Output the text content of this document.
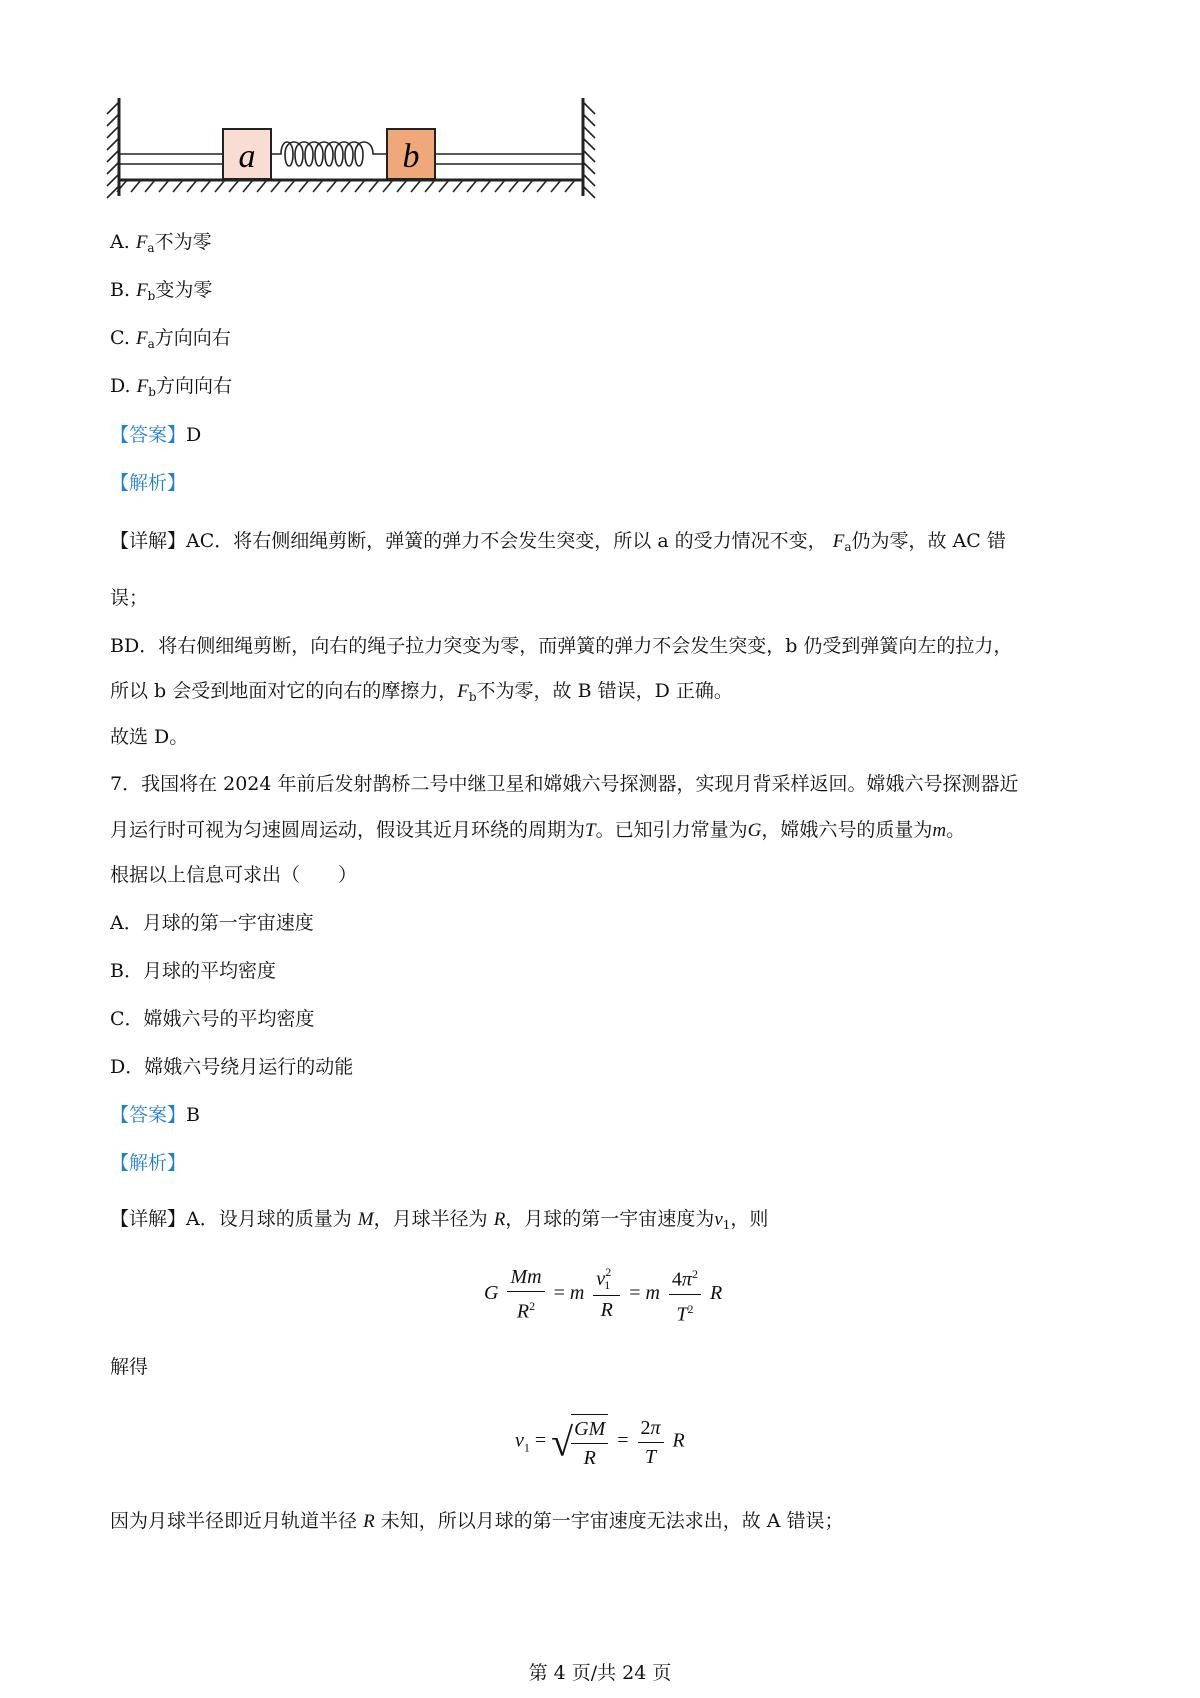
a	b
A. $F_a$不为零
B. $F_b$变为零
C. $F_a$方向向右
D. $F_b$方向向右
【答案】D
【解析】
【详解】AC．将右侧细绳剪断，弹簧的弹力不会发生突变，所以 a 的受力情况不变， $F_a$仍为零，故 AC 错
误；
BD．将右侧细绳剪断，向右的绳子拉力突变为零，而弹簧的弹力不会发生突变，b 仍受到弹簧向左的拉力，
所以 b 会受到地面对它的向右的摩擦力，$F_b$不为零，故 B 错误，D 正确。
故选 D。
7．我国将在 2024 年前后发射鹊桥二号中继卫星和嫦娥六号探测器，实现月背采样返回。嫦娥六号探测器近
月运行时可视为匀速圆周运动，假设其近月环绕的周期为T。已知引力常量为G，嫦娥六号的质量为m。
根据以上信息可求出（　　）
A．月球的第一宇宙速度
B．月球的平均密度
C．嫦娥六号的平均密度
D．嫦娥六号绕月运行的动能
【答案】B
【解析】
【详解】A．设月球的质量为 M，月球半径为 R，月球的第一宇宙速度为$v_1$，则
G $\frac{Mm}{R^2} = m \frac{v^2_1}{R} = m \frac{4\pi^2}{T^2}$ R
解得
$v_1$ = √
$\frac{GM}{R} = \frac{2\pi}{T}$ R
因为月球半径即近月轨道半径 R 未知，所以月球的第一宇宙速度无法求出，故 A 错误；
第 4 页/共 24 页
